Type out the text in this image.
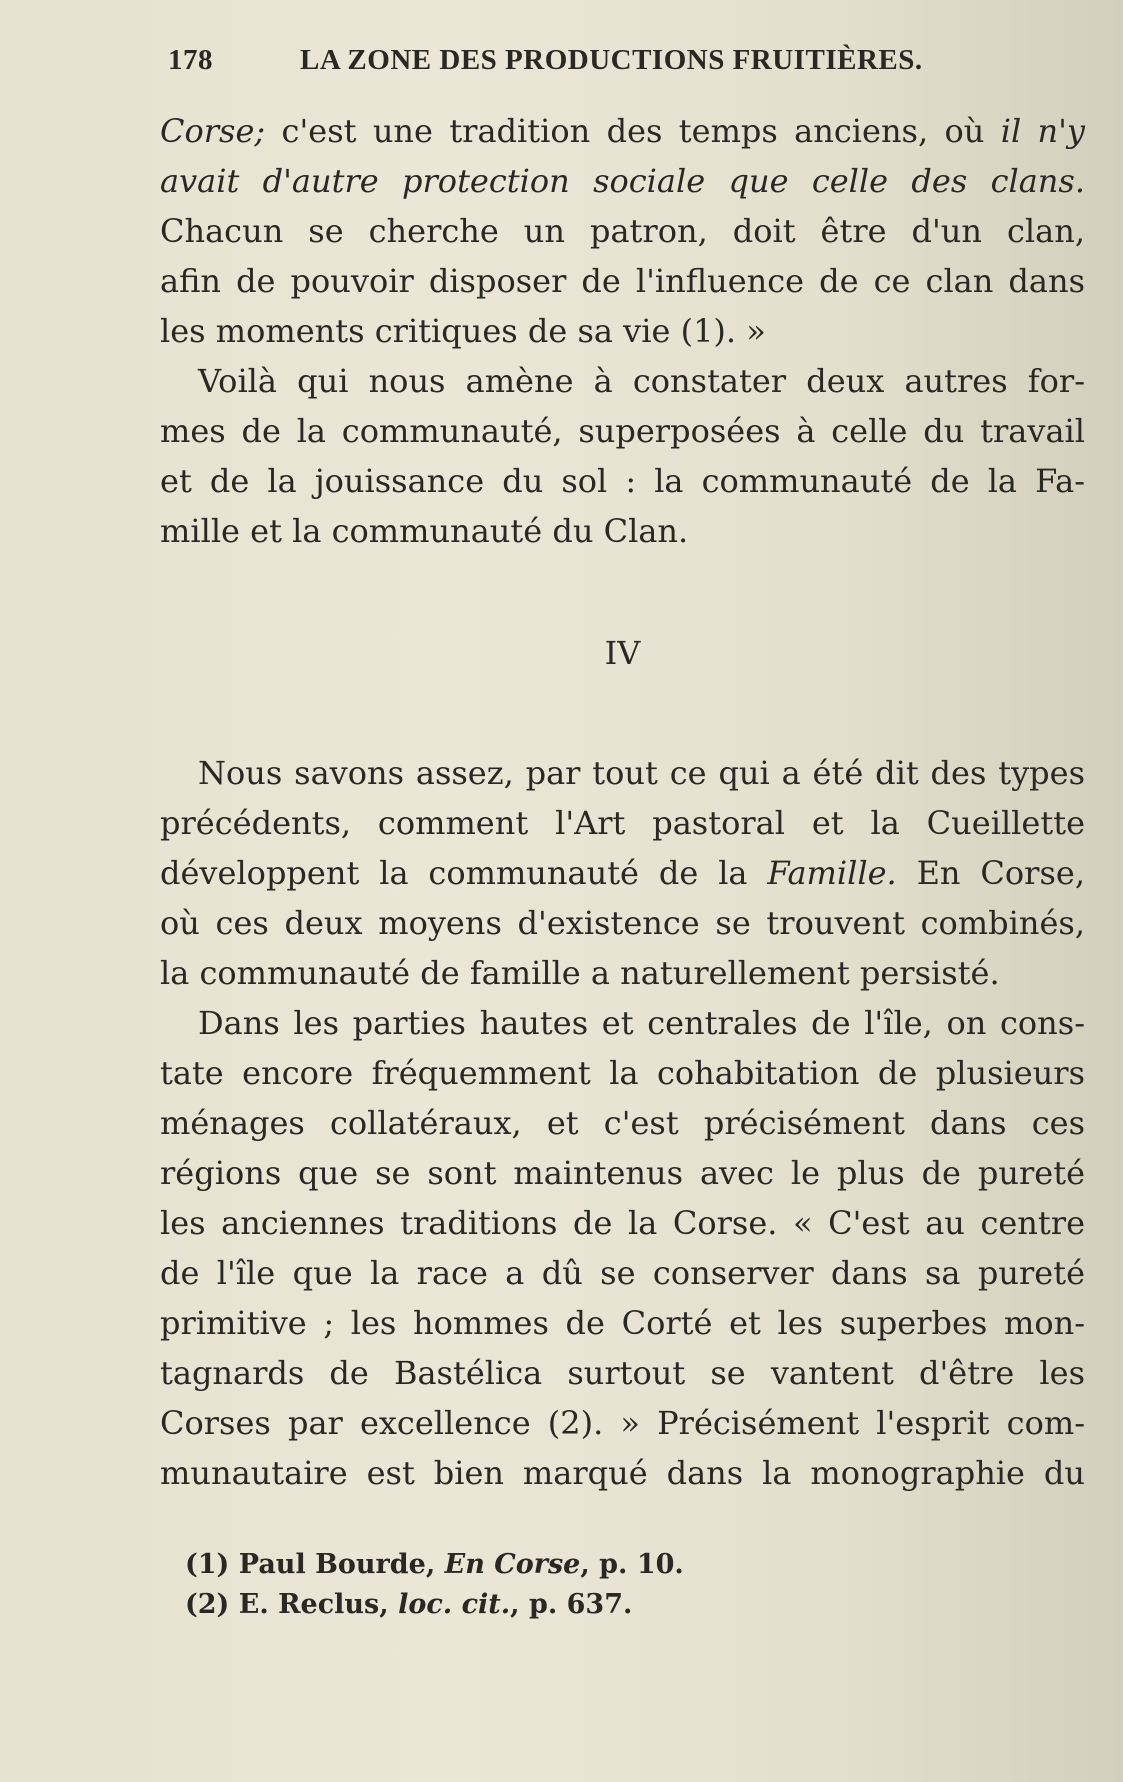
178	LA ZONE DES PRODUCTIONS FRUITIÈRES.
Corse; c'est une tradition des temps anciens, où il n'y
avait d'autre protection sociale que celle des clans.
Chacun se cherche un patron, doit être d'un clan,
afin de pouvoir disposer de l'influence de ce clan dans
les moments critiques de sa vie (1). »
Voilà qui nous amène à constater deux autres for-
mes de la communauté, superposées à celle du travail
et de la jouissance du sol : la communauté de la Fa-
mille et la communauté du Clan.
IV
Nous savons assez, par tout ce qui a été dit des types
précédents, comment l'Art pastoral et la Cueillette
développent la communauté de la Famille. En Corse,
où ces deux moyens d'existence se trouvent combinés,
la communauté de famille a naturellement persisté.
Dans les parties hautes et centrales de l'île, on cons-
tate encore fréquemment la cohabitation de plusieurs
ménages collatéraux, et c'est précisément dans ces
régions que se sont maintenus avec le plus de pureté
les anciennes traditions de la Corse. « C'est au centre
de l'île que la race a dû se conserver dans sa pureté
primitive ; les hommes de Corté et les superbes mon-
tagnards de Bastélica surtout se vantent d'être les
Corses par excellence (2). » Précisément l'esprit com-
munautaire est bien marqué dans la monographie du
(1) Paul Bourde, En Corse, p. 10.
(2) E. Reclus, loc. cit., p. 637.
